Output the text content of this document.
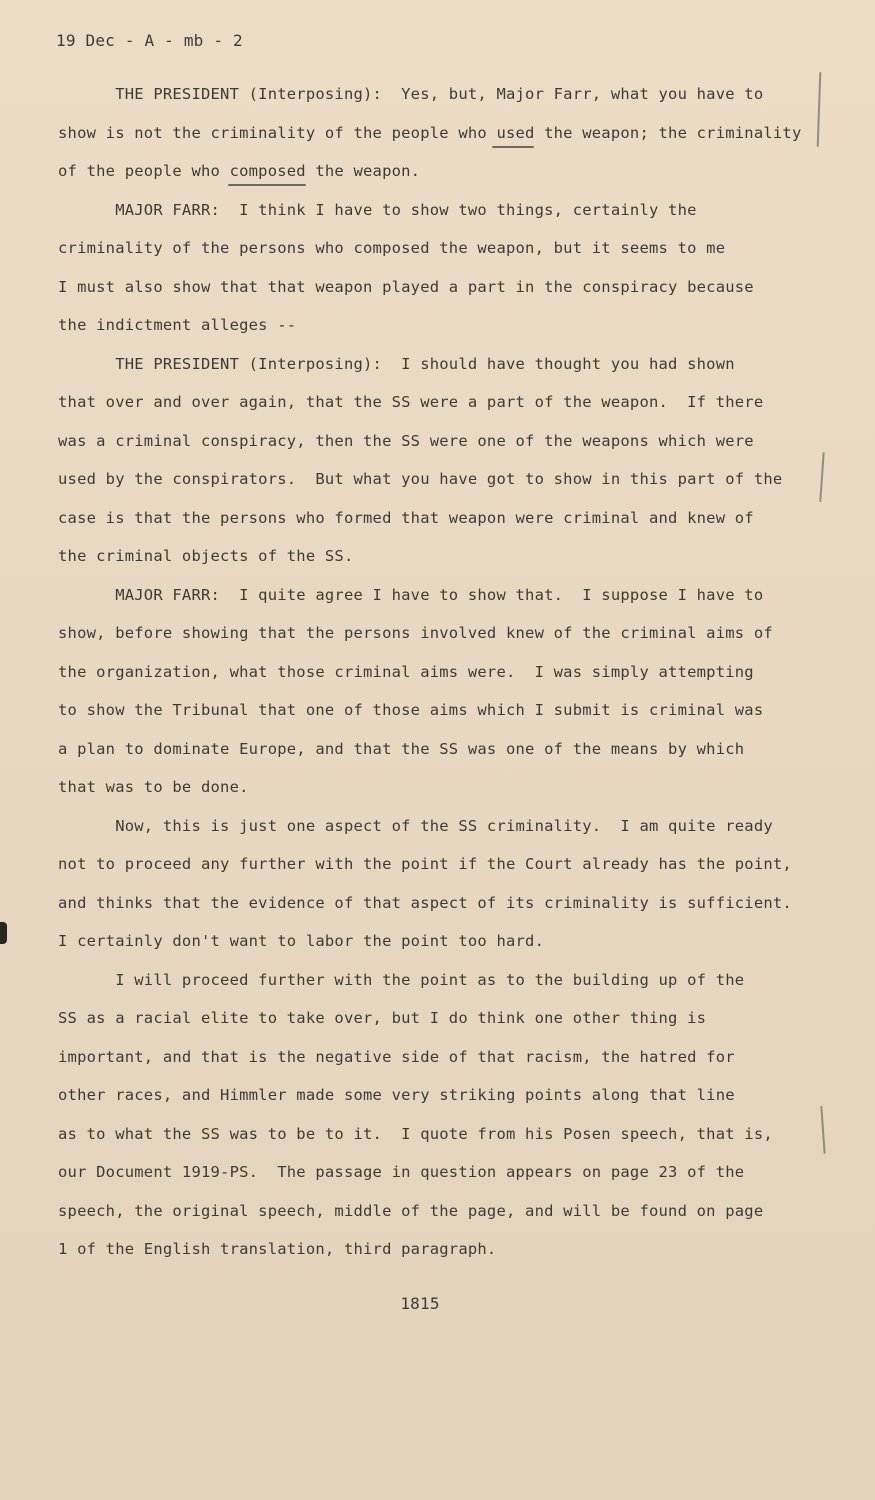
19 Dec - A - mb - 2
THE PRESIDENT (Interposing):  Yes, but, Major Farr, what you have to
show is not the criminality of the people who used the weapon; the criminality
of the people who composed the weapon.
MAJOR FARR:  I think I have to show two things, certainly the
criminality of the persons who composed the weapon, but it seems to me
I must also show that that weapon played a part in the conspiracy because
the indictment alleges --
THE PRESIDENT (Interposing):  I should have thought you had shown
that over and over again, that the SS were a part of the weapon.  If there
was a criminal conspiracy, then the SS were one of the weapons which were
used by the conspirators.  But what you have got to show in this part of the
case is that the persons who formed that weapon were criminal and knew of
the criminal objects of the SS.
MAJOR FARR:  I quite agree I have to show that.  I suppose I have to
show, before showing that the persons involved knew of the criminal aims of
the organization, what those criminal aims were.  I was simply attempting
to show the Tribunal that one of those aims which I submit is criminal was
a plan to dominate Europe, and that the SS was one of the means by which
that was to be done.
Now, this is just one aspect of the SS criminality.  I am quite ready
not to proceed any further with the point if the Court already has the point,
and thinks that the evidence of that aspect of its criminality is sufficient.
I certainly don't want to labor the point too hard.
I will proceed further with the point as to the building up of the
SS as a racial elite to take over, but I do think one other thing is
important, and that is the negative side of that racism, the hatred for
other races, and Himmler made some very striking points along that line
as to what the SS was to be to it.  I quote from his Posen speech, that is,
our Document 1919-PS.  The passage in question appears on page 23 of the
speech, the original speech, middle of the page, and will be found on page
1 of the English translation, third paragraph.
1815
